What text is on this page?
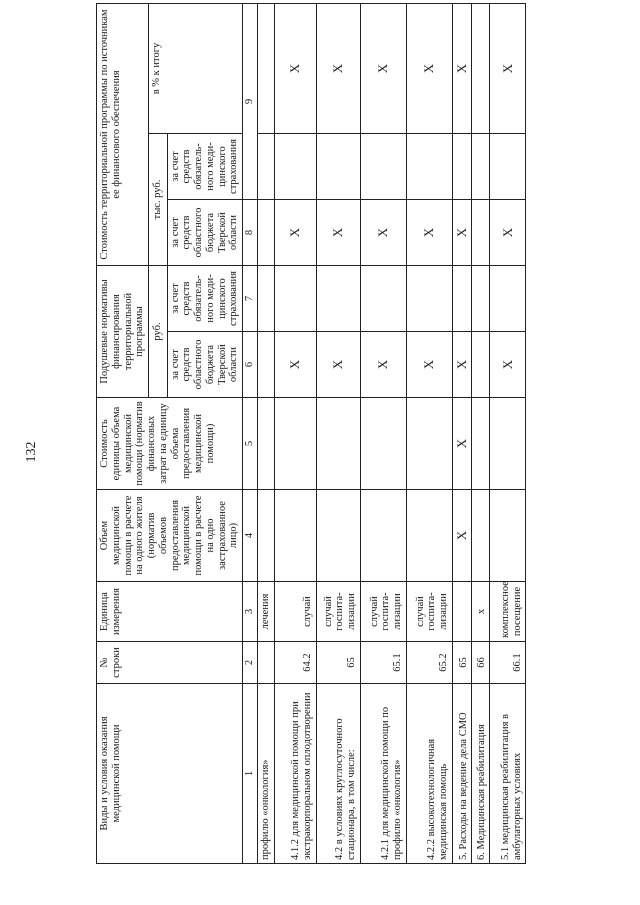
132
Виды и условия оказания медицинской помощи	№ строки	Единица измерения	Объем медицинской помощи в расчете на одного жителя (норматив объемов предоставления медицинской помощи в расчете на одно застрахованное лицо)	Стоимость единицы объема медицинской помощи (норматив финансовых затрат на единицу объема предоставления медицинской помощи)	Подушевые нормативы финансирования территориальной программы		Стоимость территориальной программы по источникам ее финансового обеспечения		
					руб.		тыс. руб.		в % к итогу
					за счет средств областного бюджета Тверской области	за счет средств обязатель-ного меди-цинского страхования	за счет средств областного бюджета Тверской области	за счет средств обязатель-ного меди-цинского страхования	
1	2	3	4	5	6	7	8	9	
профилю «онкология»		лечения							
4.1.2 для медицинской помощи при экстракорпоральном оплодотворении	64.2	случай			X		X		X
4.2 в условиях круглосуточного стационара, в том числе:	65	случай госпита-лизации			X		X		X
4.2.1 для медицинской помощи по профилю «онкология»	65.1	случай госпита-лизации			X		X		X
4.2.2 высокотехнологичная медицинская помощь	65.2	случай госпита-лизации			X		X		X
5. Расходы на ведение дела СМО	65		X	X	X		X		X
6. Медицинская реабилитация	66	x							
5.1 медицинская реабилитация в амбулаторных условиях	66.1	комплексное посещение			X		X		X
